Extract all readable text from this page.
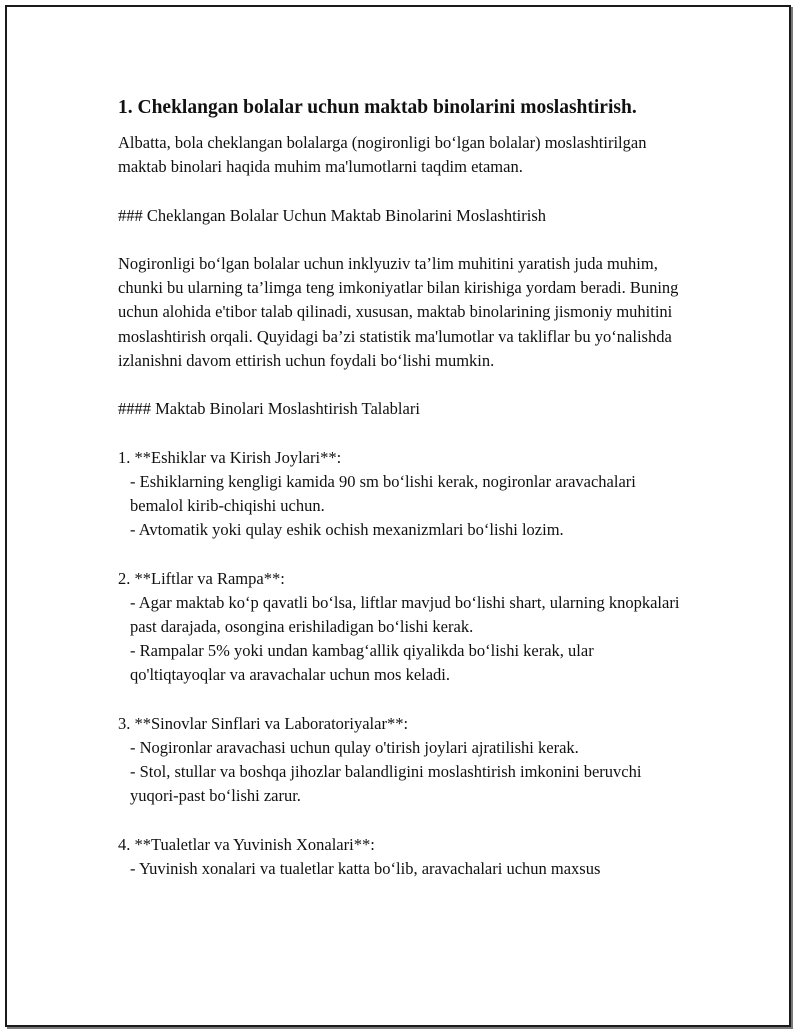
1. Cheklangan bolalar uchun maktab binolarini moslashtirish.

Albatta, bola cheklangan bolalarga (nogironligi bo‘lgan bolalar) moslashtirilgan maktab binolari haqida muhim ma'lumotlarni taqdim etaman.

### Cheklangan Bolalar Uchun Maktab Binolarini Moslashtirish

Nogironligi bo‘lgan bolalar uchun inklyuziv ta’lim muhitini yaratish juda muhim, chunki bu ularning ta’limga teng imkoniyatlar bilan kirishiga yordam beradi. Buning uchun alohida e'tibor talab qilinadi, xususan, maktab binolarining jismoniy muhitini moslashtirish orqali. Quyidagi ba’zi statistik ma'lumotlar va takliflar bu yo‘nalishda izlanishni davom ettirish uchun foydali bo‘lishi mumkin.

#### Maktab Binolari Moslashtirish Talablari

1. **Eshiklar va Kirish Joylari**:

- Eshiklarning kengligi kamida 90 sm bo‘lishi kerak, nogironlar aravachalari bemalol kirib-chiqishi uchun.

- Avtomatik yoki qulay eshik ochish mexanizmlari bo‘lishi lozim.

2. **Liftlar va Rampa**:

- Agar maktab ko‘p qavatli bo‘lsa, liftlar mavjud bo‘lishi shart, ularning knopkalari past darajada, osongina erishiladigan bo‘lishi kerak.

- Rampalar 5% yoki undan kambag‘allik qiyalikda bo‘lishi kerak, ular qo'ltiqtayoqlar va aravachalar uchun mos keladi.

3. **Sinovlar Sinflari va Laboratoriyalar**:

- Nogironlar aravachasi uchun qulay o'tirish joylari ajratilishi kerak.

- Stol, stullar va boshqa jihozlar balandligini moslashtirish imkonini beruvchi yuqori-past bo‘lishi zarur.

4. **Tualetlar va Yuvinish Xonalari**:

- Yuvinish xonalari va tualetlar katta bo‘lib, aravachalari uchun maxsus
